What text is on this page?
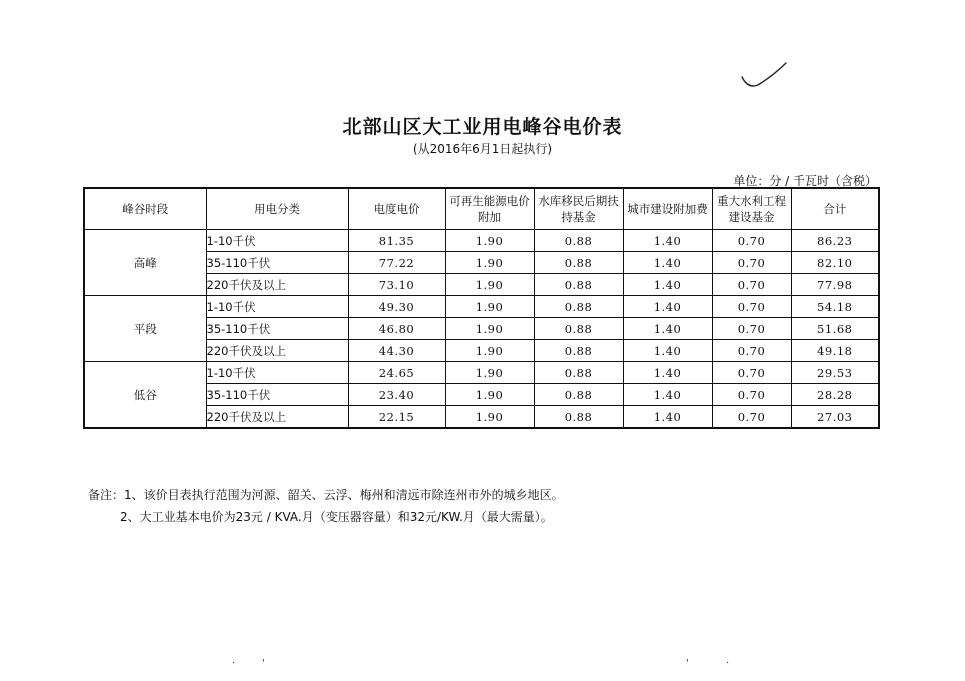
北部山区大工业用电峰谷电价表
(从2016年6月1日起执行)
单位：分 / 千瓦时（含税）
峰谷时段	用电分类	电度电价	可再生能源电价附加	水库移民后期扶持基金	城市建设附加费	重大水利工程建设基金	合计
高峰	1-10千伏	81.35	1.90	0.88	1.40	0.70	86.23
	35-110千伏	77.22	1.90	0.88	1.40	0.70	82.10
	220千伏及以上	73.10	1.90	0.88	1.40	0.70	77.98
平段	1-10千伏	49.30	1.90	0.88	1.40	0.70	54.18
	35-110千伏	46.80	1.90	0.88	1.40	0.70	51.68
	220千伏及以上	44.30	1.90	0.88	1.40	0.70	49.18
低谷	1-10千伏	24.65	1.90	0.88	1.40	0.70	29.53
	35-110千伏	23.40	1.90	0.88	1.40	0.70	28.28
	220千伏及以上	22.15	1.90	0.88	1.40	0.70	27.03
备注：1、该价目表执行范围为河源、韶关、云浮、梅州和清远市除连州市外的城乡地区。
2、大工业基本电价为23元 / KVA.月（变压器容量）和32元/KW.月（最大需量）。
·	'	'	·
